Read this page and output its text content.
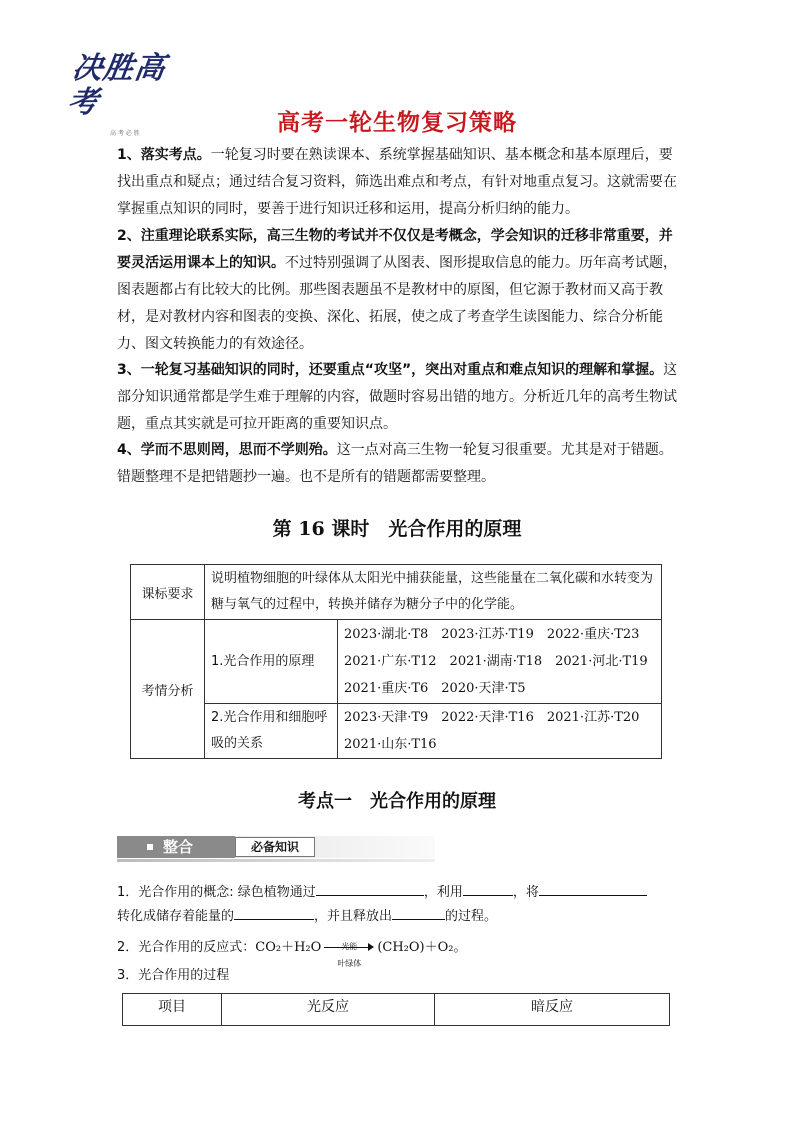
决胜高考
高 考 必 胜	高考一轮生物复习策略
1、落实考点。一轮复习时要在熟读课本、系统掌握基础知识、基本概念和基本原理后，要找出重点和疑点；通过结合复习资料，筛选出难点和考点，有针对地重点复习。这就需要在掌握重点知识的同时，要善于进行知识迁移和运用，提高分析归纳的能力。
2、注重理论联系实际，高三生物的考试并不仅仅是考概念，学会知识的迁移非常重要，并要灵活运用课本上的知识。不过特别强调了从图表、图形提取信息的能力。历年高考试题，图表题都占有比较大的比例。那些图表题虽不是教材中的原图，但它源于教材而又高于教材，是对教材内容和图表的变换、深化、拓展，使之成了考查学生读图能力、综合分析能力、图文转换能力的有效途径。
3、一轮复习基础知识的同时，还要重点“攻坚”，突出对重点和难点知识的理解和掌握。这部分知识通常都是学生难于理解的内容，做题时容易出错的地方。分析近几年的高考生物试题，重点其实就是可拉开距离的重要知识点。
4、学而不思则罔，思而不学则殆。这一点对高三生物一轮复习很重要。尤其是对于错题。错题整理不是把错题抄一遍。也不是所有的错题都需要整理。
第 16 课时　光合作用的原理
课标要求	说明植物细胞的叶绿体从太阳光中捕获能量，这些能量在二氧化碳和水转变为糖与氧气的过程中，转换并储存为糖分子中的化学能。	
考情分析	1.光合作用的原理	2023·湖北·T8　2023·江苏·T19　2022·重庆·T23
2021·广东·T12　2021·湖南·T18　2021·河北·T19
2021·重庆·T6　2020·天津·T5

	2.光合作用和细胞呼吸的关系	2023·天津·T9　2022·天津·T16　2021·江苏·T20
2021·山东·T16
考点一　光合作用的原理
整合	必备知识
1．光合作用的概念: 绿色植物通过	，利用	，将
转化成储存着能量的	，并且释放出	的过程。
2．光合作用的反应式：CO₂＋H₂O
叶绿体
(CH₂O)＋O₂。
3．光合作用的过程
项目	光反应	暗反应
